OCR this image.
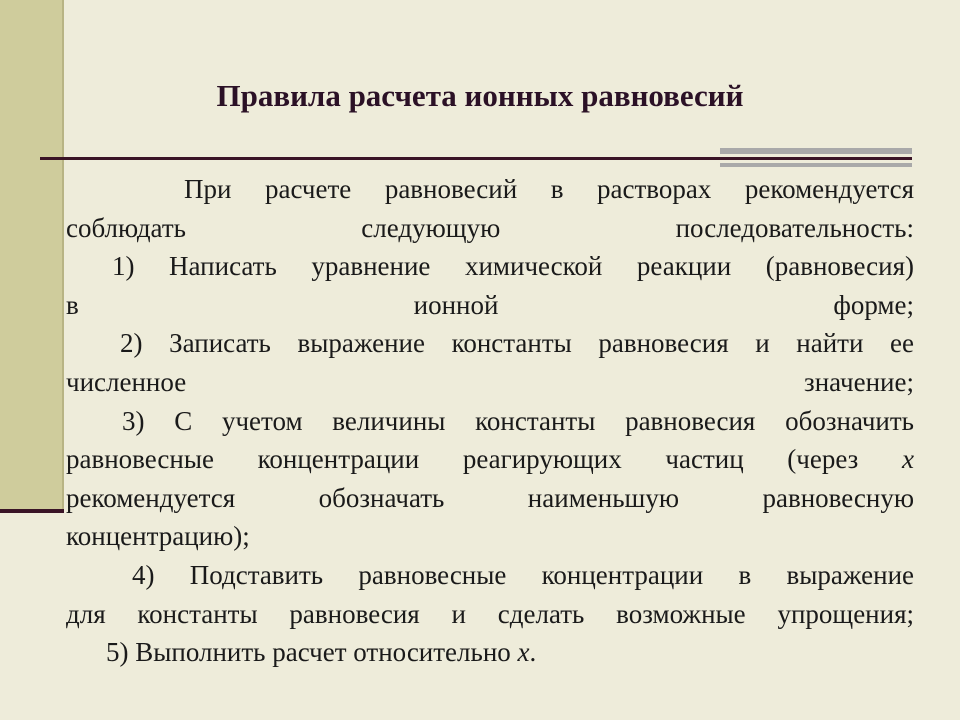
Правила расчета ионных равновесий

При расчете равновесий в растворах рекомендуется

соблюдать следующую последовательность:

1) Написать уравнение химической реакции (равновесия)

в ионной форме;

2) Записать выражение константы равновесия и найти ее

численное значение;

3) С учетом величины константы равновесия обозначить

равновесные концентрации реагирующих частиц (через х

рекомендуется обозначать наименьшую равновесную

концентрацию);

4) Подставить равновесные концентрации в выражение

для константы равновесия и сделать возможные упрощения;

5) Выполнить расчет относительно х.
